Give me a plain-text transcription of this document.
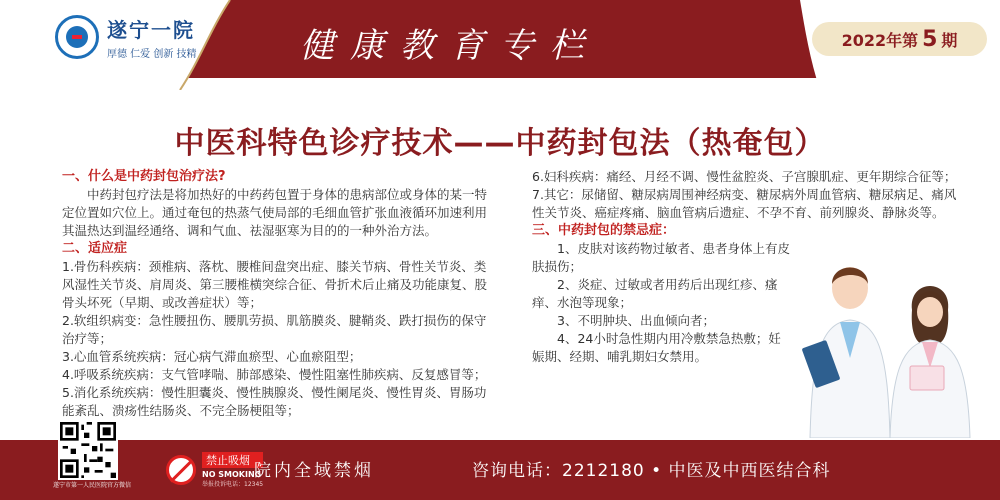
遂宁一院
厚德 仁爱 创新 技精	健康教育专栏	2022年第 5 期
中医科特色诊疗技术——中药封包法（热奄包）
一、什么是中药封包治疗法?
中药封包疗法是将加热好的中药药包置于身体的患病部位或身体的某一特定位置如穴位上。通过奄包的热蒸气使局部的毛细血管扩张血液循环加速利用其温热达到温经通络、调和气血、祛湿驱寒为目的的一种外治方法。
二、适应症
1.骨伤科疾病：颈椎病、落枕、腰椎间盘突出症、膝关节病、骨性关节炎、类风湿性关节炎、肩周炎、第三腰椎横突综合征、骨折术后止痛及功能康复、股骨头坏死（早期、或改善症状）等；
2.软组织病变：急性腰扭伤、腰肌劳损、肌筋膜炎、腱鞘炎、跌打损伤的保守治疗等；
3.心血管系统疾病：冠心病气滞血瘀型、心血瘀阻型；
4.呼吸系统疾病：支气管哮喘、肺部感染、慢性阻塞性肺疾病、反复感冒等；
5.消化系统疾病：慢性胆囊炎、慢性胰腺炎、慢性阑尾炎、慢性胃炎、胃肠功能紊乱、溃疡性结肠炎、不完全肠梗阻等；
6.妇科疾病：痛经、月经不调、慢性盆腔炎、子宫腺肌症、更年期综合征等；
7.其它：尿储留、糖尿病周围神经病变、糖尿病外周血管病、糖尿病足、痛风性关节炎、癌症疼痛、脑血管病后遗症、不孕不育、前列腺炎、静脉炎等。
三、中药封包的禁忌症：
1、皮肤对该药物过敏者、患者身体上有皮肤损伤；
2、炎症、过敏或者用药后出现红疹、瘙痒、水泡等现象；
3、不明肿块、出血倾向者；
4、24小时急性期内用冷敷禁急热敷；妊娠期、经期、哺乳期妇女禁用。
遂宁市第一人民医院官方微信
禁止吸烟
NO SMOKING
举报投诉电话：12345
院内全域禁烟	咨询电话：2212180 • 中医及中西医结合科
